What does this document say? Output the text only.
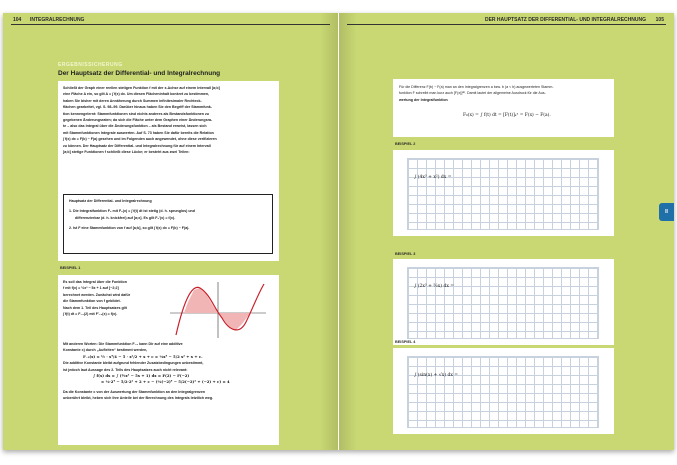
104 INTEGRALRECHNUNG
ERGEBNISSICHERUNG
Der Hauptsatz der Differential- und Integralrechnung
Schließt der Graph einer reellen stetigen Funktion f mit der x-Achse auf einem Intervall [a;b]
eine Fläche A ein, so gilt A = ∫ f(x) dx. Um diesen Flächeninhalt konkret zu bestimmen,
haben Sie bisher mit deren Annäherung durch Summen infinitesimaler Rechteck-
flächen gearbeitet, vgl. S. 98–99. Darüber hinaus haben Sie den Begriff der Stammfunk-
tion kennengelernt: Stammfunktionen sind nichts anderes als Bestandsfunktionen zu
gegebenen Änderungsraten; da sich die Fläche unter dem Graphen einer Änderungsra-
te – also das Integral über die Änderungsfunktion – als Bestand erweist, lassen sich
mit Stammfunktionen Integrale auswerten. Auf S. 73 haben Sie dafür bereits die Relation
∫ f(x) dx = F(b) − F(a) gesehen und im Folgenden auch angewendet, ohne diese verifizieren
zu können. Der Hauptsatz der Differential- und Integralrechnung für auf einem Intervall
[a;b] stetige Funktionen f schließt diese Lücke; er besteht aus zwei Teilen:
Hauptsatz der Differential- und Integralrechnung
1. Die Integralfunktion F₀ mit F₀(x) = ∫ f(t) dt ist stetig (d. h. sprunglos) und
differenzierbar (d. h. knickfrei) auf [a;x]. Es gilt F₀'(x) = f(x).
2. Ist F eine Stammfunktion von f auf [a;b], so gilt ∫ f(x) dx = F(b) − F(a).
BEISPIEL 1
Es soll das Integral über die Funktion
f mit f(x) = ½x³ − 5x + 1 auf [−2;2]
berechnet werden. Zunächst wird dafür
die Stammfunktion von f gebildet.
Nach dem 1. Teil des Hauptsatzes gilt
∫ f(t) dt = F₋₂(2) mit F'₋₂(x) = f(x).
Mit anderen Worten: Die Stammfunktion F₋₂ kann Dir auf eine additive
Konstante c) durch „Aufleiten“ bestimmt werden,
F₋₂(x) = ½ · x⁴/4 − 5 · x²/2 + x + c = ⅛x⁴ − 5/2 x² + x + c.
Die additive Konstante bleibt aufgrund fehlender Zusatzbedingungen unbestimmt,
ist jedoch laut Aussage des 2. Teils des Hauptsatzes auch nicht relevant:
∫ f(x) dx = ∫ (½x³ − 5x + 1) dx = F(2) − F(−2)
= ⅛·2⁴ − 5/2·2² + 2 + c − (⅛(−2)⁴ − 5/2(−2)² + (−2) + c) = 4
Da die Konstante c von der Auswertung der Stammfunktion an den Integralgrenzen
unberührt bleibt, heben sich ihre Anteile bei der Berechnung des Integrals letztlich weg.
DER HAUPTSATZ DER DIFFERENTIAL- UND INTEGRALRECHNUNG 105
Für die Differenz F(b) − F(a) man an den Integralgrenzen a bzw. b (a < b) ausgewerteten Stamm-
funktion F schreibt man kurz auch [F(x)]ᵃᵇ. Damit lautet der allgemeine Ausdruck für die Aus-
wertung der Integralfunktion
F₀(x) = ∫ f(t) dt = [F(t)]ₐˣ = F(x) − F(a).
BEISPIEL 2
∫ (4x³ + x²) dx =
BEISPIEL 3
∫ (2x³ + ⁵⁄₂x) dx =
BEISPIEL 4
∫ (sin(x) + √x) dx =
II
